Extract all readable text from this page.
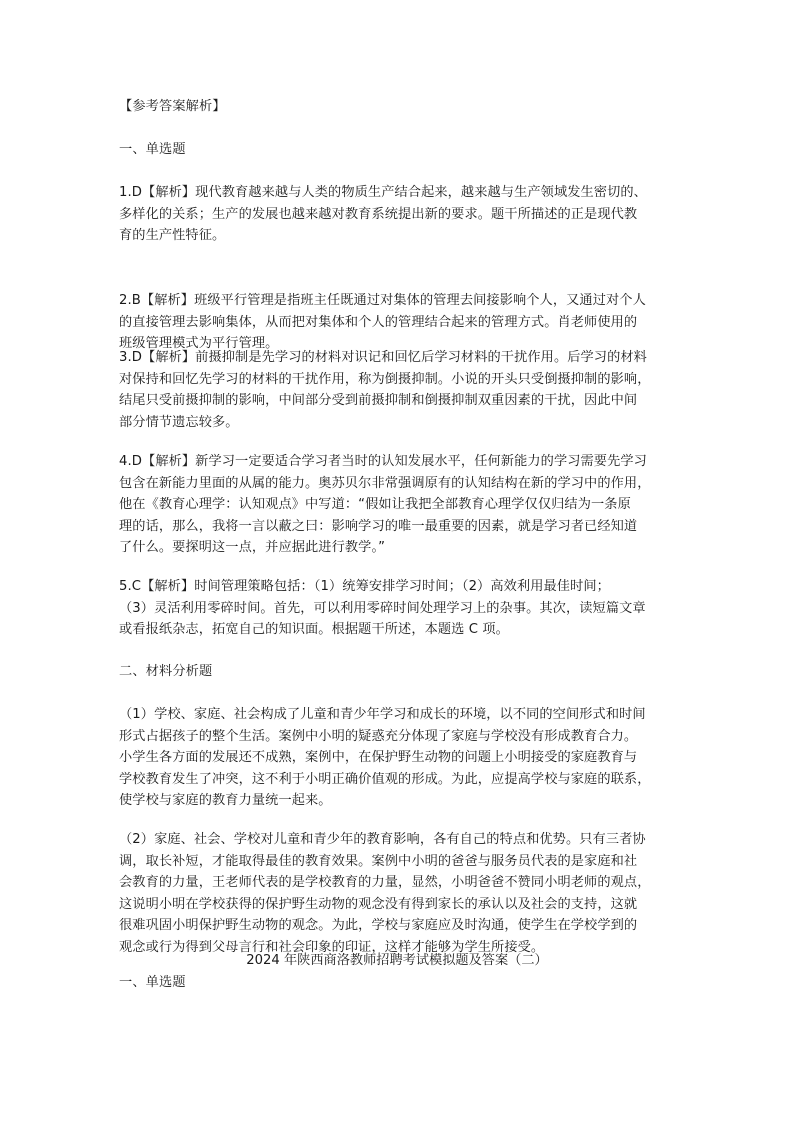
【参考答案解析】
一、单选题
1.D【解析】现代教育越来越与人类的物质生产结合起来，越来越与生产领域发生密切的、
多样化的关系；生产的发展也越来越对教育系统提出新的要求。题干所描述的正是现代教
育的生产性特征。
2.B【解析】班级平行管理是指班主任既通过对集体的管理去间接影响个人，又通过对个人
的直接管理去影响集体，从而把对集体和个人的管理结合起来的管理方式。肖老师使用的
班级管理模式为平行管理。
3.D【解析】前摄抑制是先学习的材料对识记和回忆后学习材料的干扰作用。后学习的材料
对保持和回忆先学习的材料的干扰作用，称为倒摄抑制。小说的开头只受倒摄抑制的影响，
结尾只受前摄抑制的影响，中间部分受到前摄抑制和倒摄抑制双重因素的干扰，因此中间
部分情节遗忘较多。
4.D【解析】新学习一定要适合学习者当时的认知发展水平，任何新能力的学习需要先学习
包含在新能力里面的从属的能力。奥苏贝尔非常强调原有的认知结构在新的学习中的作用，
他在《教育心理学：认知观点》中写道：“假如让我把全部教育心理学仅仅归结为一条原
理的话，那么，我将一言以蔽之曰：影响学习的唯一最重要的因素，就是学习者已经知道
了什么。要探明这一点，并应据此进行教学。”
5.C【解析】时间管理策略包括：（1）统筹安排学习时间；（2）高效利用最佳时间；
（3）灵活利用零碎时间。首先，可以利用零碎时间处理学习上的杂事。其次，读短篇文章
或看报纸杂志，拓宽自己的知识面。根据题干所述，本题选 C 项。
二、材料分析题
（1）学校、家庭、社会构成了儿童和青少年学习和成长的环境，以不同的空间形式和时间
形式占据孩子的整个生活。案例中小明的疑惑充分体现了家庭与学校没有形成教育合力。
小学生各方面的发展还不成熟，案例中，在保护野生动物的问题上小明接受的家庭教育与
学校教育发生了冲突，这不利于小明正确价值观的形成。为此，应提高学校与家庭的联系，
使学校与家庭的教育力量统一起来。
（2）家庭、社会、学校对儿童和青少年的教育影响，各有自己的特点和优势。只有三者协
调，取长补短，才能取得最佳的教育效果。案例中小明的爸爸与服务员代表的是家庭和社
会教育的力量，王老师代表的是学校教育的力量，显然，小明爸爸不赞同小明老师的观点，
这说明小明在学校获得的保护野生动物的观念没有得到家长的承认以及社会的支持，这就
很难巩固小明保护野生动物的观念。为此，学校与家庭应及时沟通，使学生在学校学到的
观念或行为得到父母言行和社会印象的印证，这样才能够为学生所接受。
2024 年陕西商洛教师招聘考试模拟题及答案（二）
一、单选题
